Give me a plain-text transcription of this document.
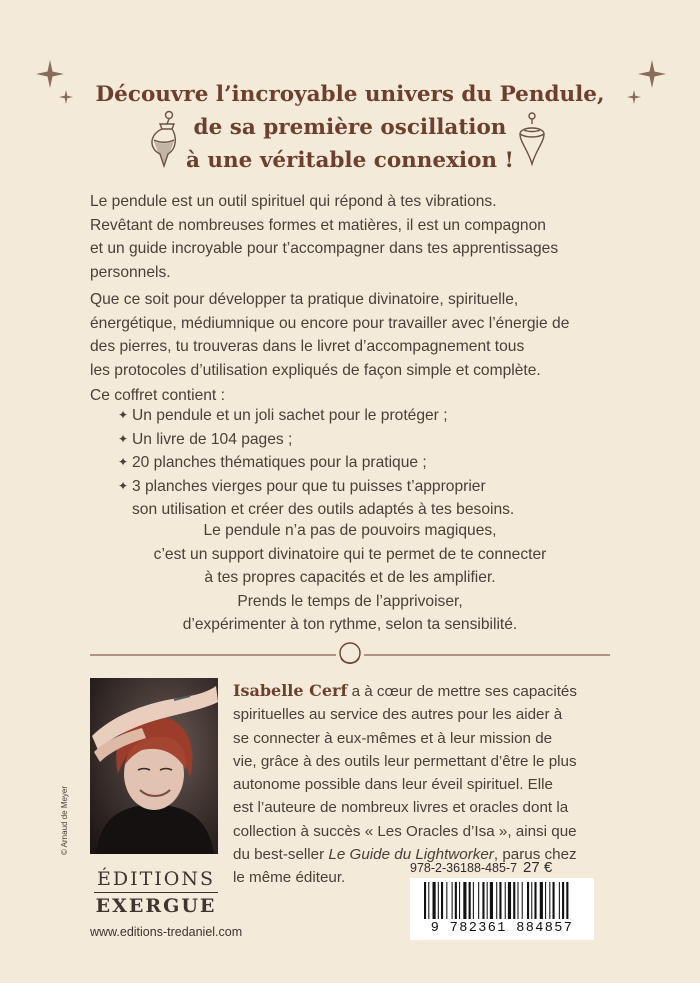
Découvre l’incroyable univers du Pendule,
de sa première oscillation
à une véritable connexion !
Le pendule est un outil spirituel qui répond à tes vibrations.
Revêtant de nombreuses formes et matières, il est un compagnon
et un guide incroyable pour t’accompagner dans tes apprentissages
personnels.
Que ce soit pour développer ta pratique divinatoire, spirituelle,
énergétique, médiumnique ou encore pour travailler avec l’énergie de
des pierres, tu trouveras dans le livret d’accompagnement tous
les protocoles d’utilisation expliqués de façon simple et complète.
Ce coffret contient :
✦ Un pendule et un joli sachet pour le protéger ;
✦ Un livre de 104 pages ;
✦ 20 planches thématiques pour la pratique ;
✦ 3 planches vierges pour que tu puisses t’approprier
son utilisation et créer des outils adaptés à tes besoins.
Le pendule n’a pas de pouvoirs magiques,
c’est un support divinatoire qui te permet de te connecter
à tes propres capacités et de les amplifier.
Prends le temps de l’apprivoiser,
d’expérimenter à ton rythme, selon ta sensibilité.
© Arnaud de Meyer
Isabelle Cerf a à cœur de mettre ses capacités
spirituelles au service des autres pour les aider à
se connecter à eux-mêmes et à leur mission de
vie, grâce à des outils leur permettant d’être le plus
autonome possible dans leur éveil spirituel. Elle
est l’auteure de nombreux livres et oracles dont la
collection à succès « Les Oracles d’Isa », ainsi que
du best-seller Le Guide du Lightworker, parus chez
le même éditeur.
ÉDITIONS
EXERGUE
www.editions-tredaniel.com
978-2-36188-485-7 27 €
9 782361 884857
